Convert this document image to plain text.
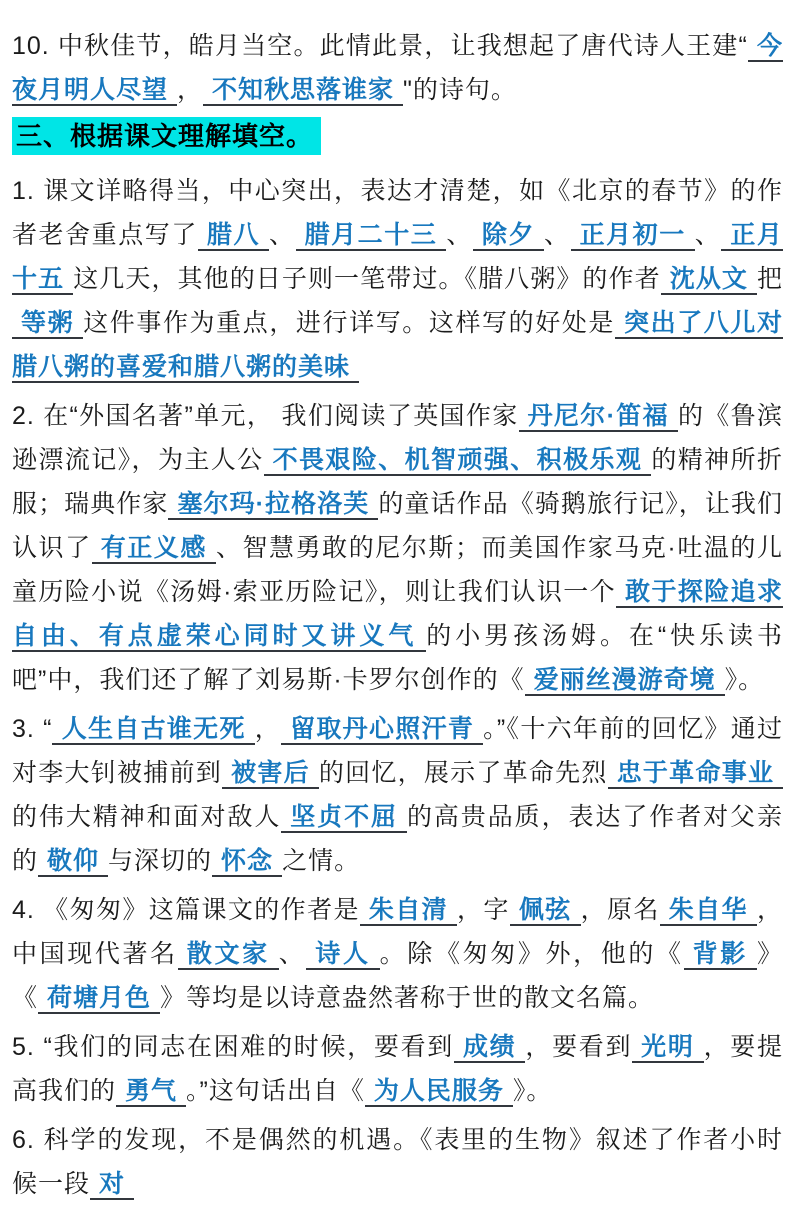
10. 中秋佳节，皓月当空。此情此景，让我想起了唐代诗人王建“ 今夜月明人尽望 ， 不知秋思落谁家 "的诗句。

三、根据课文理解填空。

1. 课文详略得当，中心突出，表达才清楚，如《北京的春节》的作者老舍重点写了 腊八 、 腊月二十三 、 除夕 、 正月初一 、 正月十五 这几天，其他的日子则一笔带过。《腊八粥》的作者 沈从文 把等粥 这件事作为重点，进行详写。这样写的好处是 突出了八儿对腊八粥的喜爱和腊八粥的美味

2. 在“外国名著”单元， 我们阅读了英国作家 丹尼尔·笛福 的《鲁滨逊漂流记》，为主人公 不畏艰险、机智顽强、积极乐观 的精神所折服；瑞典作家 塞尔玛·拉格洛芙 的童话作品《骑鹅旅行记》，让我们认识了 有正义感 、智慧勇敢的尼尔斯；而美国作家马克·吐温的儿童历险小说《汤姆·索亚历险记》，则让我们认识一个 敢于探险追求自由、有点虚荣心同时又讲义气 的小男孩汤姆。在“快乐读书吧”中，我们还了解了刘易斯·卡罗尔创作的《 爱丽丝漫游奇境 》。

3. “ 人生自古谁无死 ， 留取丹心照汗青 。”《十六年前的回忆》通过对李大钊被捕前到 被害后 的回忆，展示了革命先烈 忠于革命事业的伟大精神和面对敌人 坚贞不屈 的高贵品质，表达了作者对父亲的 敬仰 与深切的 怀念 之情。

4. 《匆匆》这篇课文的作者是 朱自清 ，字 佩弦 ，原名 朱自华 ，中国现代著名 散文家 、 诗人 。除《匆匆》外，他的《 背影 》《 荷塘月色 》等均是以诗意盎然著称于世的散文名篇。

5. “我们的同志在困难的时候，要看到 成绩 ，要看到 光明 ，要提高我们的 勇气 。”这句话出自《 为人民服务 》。

6. 科学的发现，不是偶然的机遇。《表里的生物》叙述了作者小时候一段 对
